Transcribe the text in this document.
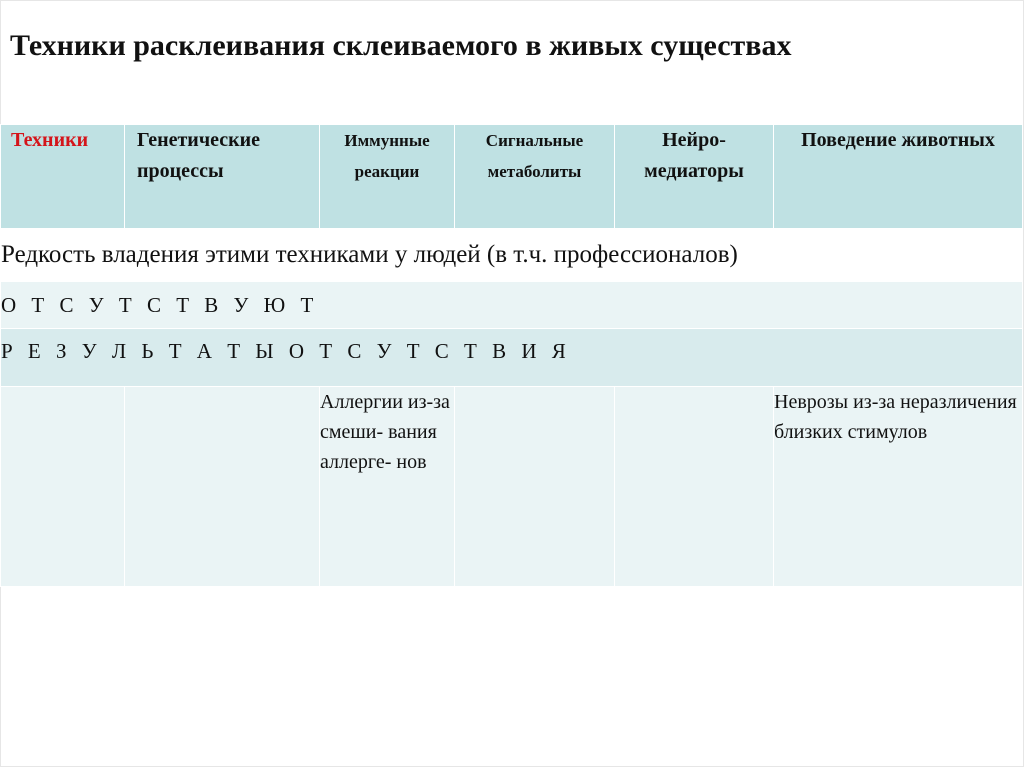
Техники расклеивания склеиваемого в живых существах
Техники	Генетические процессы	Иммунные реакции	Сигнальные метаболиты	Нейро- медиаторы	Поведение животных
Редкость владения этими техниками у людей (в т.ч. профессионалов)					
О Т С У Т С Т В У Ю Т					
Р Е З У Л Ь Т А Т Ы О Т С У Т С Т В И Я					
		Аллергии из-за смеши- вания аллерге- нов			Неврозы из-за неразличения близких стимулов
